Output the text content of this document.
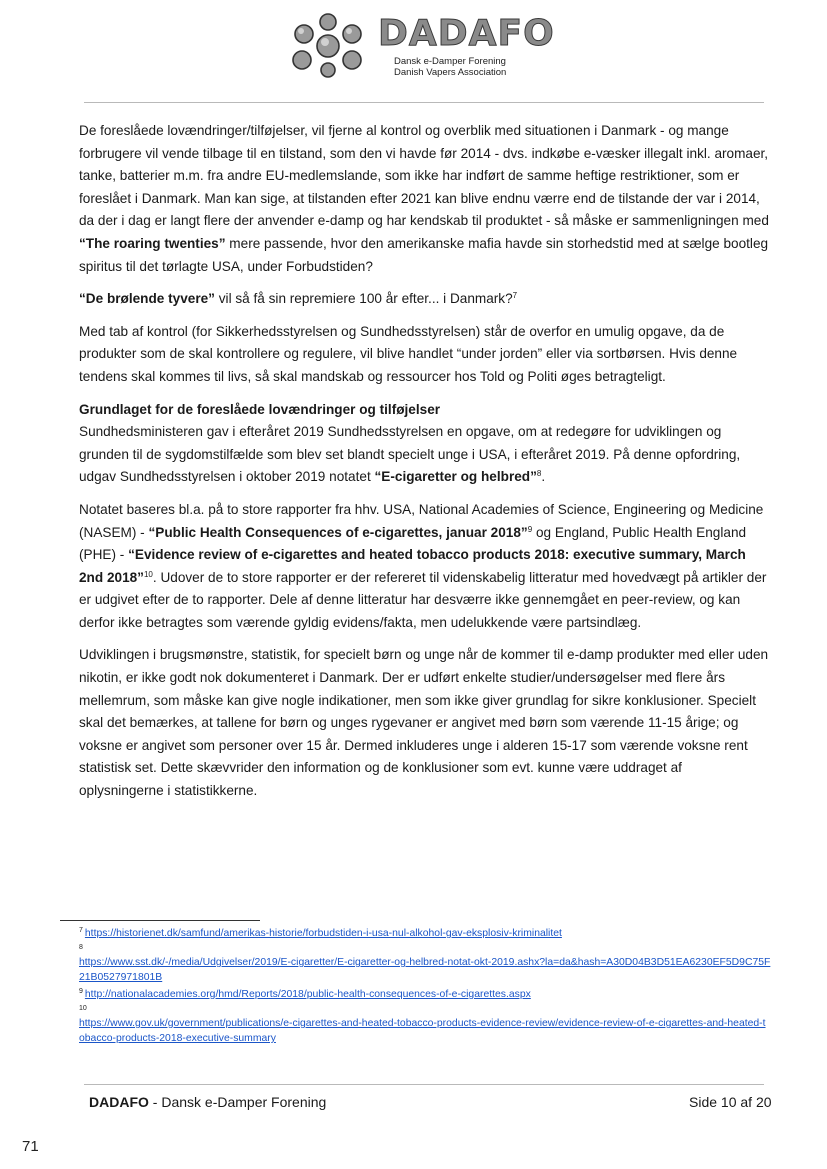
DADAFO
Dansk e-Damper Forening
Danish Vapers Association

De foreslåede lovændringer/tilføjelser, vil fjerne al kontrol og overblik med situationen i Danmark - og mange forbrugere vil vende tilbage til en tilstand, som den vi havde før 2014 - dvs. indkøbe e-væsker illegalt inkl. aromaer, tanke, batterier m.m. fra andre EU-medlemslande, som ikke har indført de samme heftige restriktioner, som er foreslået i Danmark. Man kan sige, at tilstanden efter 2021 kan blive endnu værre end de tilstande der var i 2014, da der i dag er langt flere der anvender e-damp og har kendskab til produktet - så måske er sammenligningen med “The roaring twenties” mere passende, hvor den amerikanske mafia havde sin storhedstid med at sælge bootleg spiritus til det tørlagte USA, under Forbudstiden?

“De brølende tyvere” vil så få sin repremiere 100 år efter... i Danmark?$^7$

Med tab af kontrol (for Sikkerhedsstyrelsen og Sundhedsstyrelsen) står de overfor en umulig opgave, da de produkter som de skal kontrollere og regulere, vil blive handlet “under jorden” eller via sortbørsen. Hvis denne tendens skal kommes til livs, så skal mandskab og ressourcer hos Told og Politi øges betragteligt.

Grundlaget for de foreslåede lovændringer og tilføjelser

Sundhedsministeren gav i efteråret 2019 Sundhedsstyrelsen en opgave, om at redegøre for udviklingen og grunden til de sygdomstilfælde som blev set blandt specielt unge i USA, i efteråret 2019. På denne opfordring, udgav Sundhedsstyrelsen i oktober 2019 notatet “E-cigaretter og helbred”$^8$.

Notatet baseres bl.a. på to store rapporter fra hhv. USA, National Academies of Science, Engineering og Medicine (NASEM) - “Public Health Consequences of e-cigarettes, januar 2018”$^9$ og England, Public Health England (PHE) - “Evidence review of e-cigarettes and heated tobacco products 2018: executive summary, March 2nd 2018”$^{10}$. Udover de to store rapporter er der refereret til videnskabelig litteratur med hovedvægt på artikler der er udgivet efter de to rapporter. Dele af denne litteratur har desværre ikke gennemgået en peer-review, og kan derfor ikke betragtes som værende gyldig evidens/fakta, men udelukkende være partsindlæg.

Udviklingen i brugsmønstre, statistik, for specielt børn og unge når de kommer til e-damp produkter med eller uden nikotin, er ikke godt nok dokumenteret i Danmark. Der er udført enkelte studier/undersøgelser med flere års mellemrum, som måske kan give nogle indikationer, men som ikke giver grundlag for sikre konklusioner. Specielt skal det bemærkes, at tallene for børn og unges rygevaner er angivet med børn som værende 11-15 årige; og voksne er angivet som personer over 15 år. Dermed inkluderes unge i alderen 15-17 som værende voksne rent statistisk set. Dette skævvrider den information og de konklusioner som evt. kunne være uddraget af oplysningerne i statistikkerne.

$^7$ https://historienet.dk/samfund/amerikas-historie/forbudstiden-i-usa-nul-alkohol-gav-eksplosiv-kriminalitet
$^8$
https://www.sst.dk/-/media/Udgivelser/2019/E-cigaretter/E-cigaretter-og-helbred-notat-okt-2019.ashx?la=da&hash=A30D04B3D51EA6230EF5D9C75F21B0527971801B
$^9$ http://nationalacademies.org/hmd/Reports/2018/public-health-consequences-of-e-cigarettes.aspx
$^{10}$
https://www.gov.uk/government/publications/e-cigarettes-and-heated-tobacco-products-evidence-review/evidence-review-of-e-cigarettes-and-heated-tobacco-products-2018-executive-summary
DADAFO - Dansk e-Damper Forening	Side 10 af 20
71
